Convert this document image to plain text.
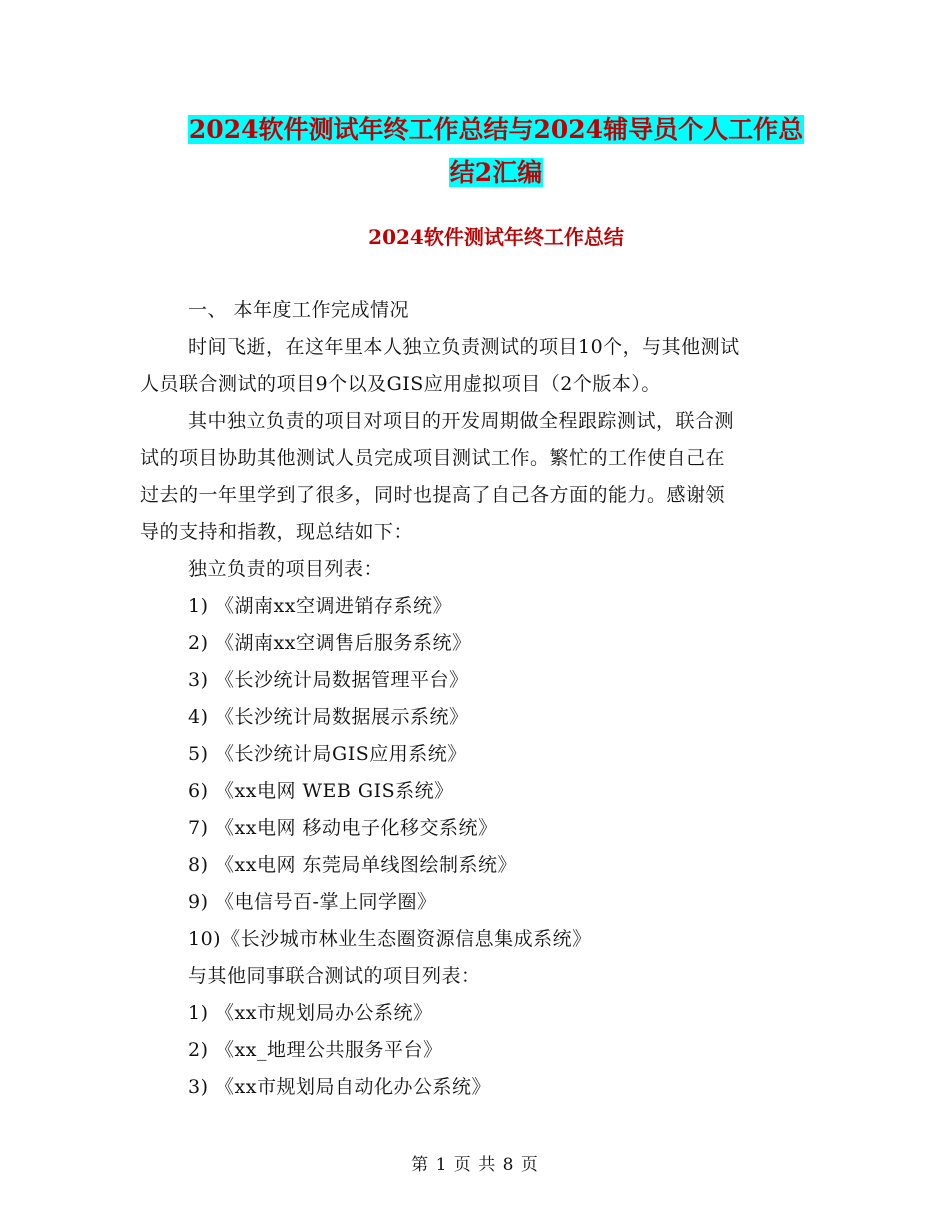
2024软件测试年终工作总结与2024辅导员个人工作总
结2汇编
2024软件测试年终工作总结
一、 本年度工作完成情况
时间飞逝，在这年里本人独立负责测试的项目10个，与其他测试
人员联合测试的项目9个以及GIS应用虚拟项目（2个版本）。
其中独立负责的项目对项目的开发周期做全程跟踪测试，联合测
试的项目协助其他测试人员完成项目测试工作。繁忙的工作使自己在
过去的一年里学到了很多，同时也提高了自己各方面的能力。感谢领
导的支持和指教，现总结如下：
独立负责的项目列表：
1) 《湖南xx空调进销存系统》
2) 《湖南xx空调售后服务系统》
3) 《长沙统计局数据管理平台》
4) 《长沙统计局数据展示系统》
5) 《长沙统计局GIS应用系统》
6) 《xx电网 WEB GIS系统》
7) 《xx电网 移动电子化移交系统》
8) 《xx电网 东莞局单线图绘制系统》
9) 《电信号百-掌上同学圈》
10)《长沙城市林业生态圈资源信息集成系统》
与其他同事联合测试的项目列表：
1) 《xx市规划局办公系统》
2) 《xx_地理公共服务平台》
3) 《xx市规划局自动化办公系统》
第 1 页 共 8 页
